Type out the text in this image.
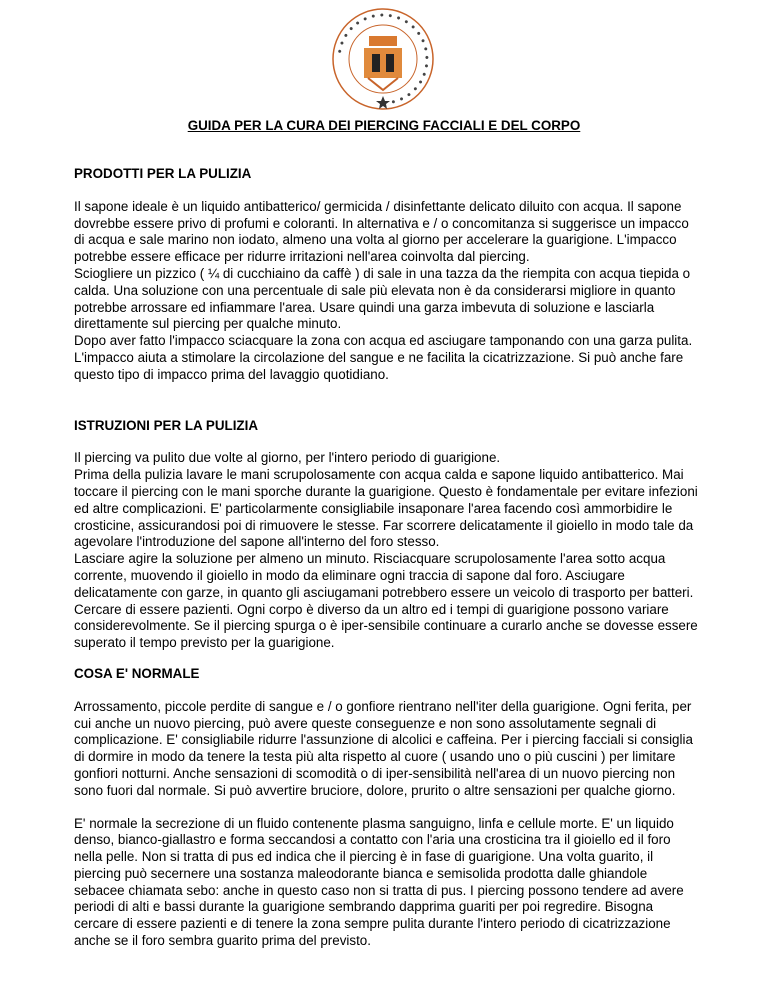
● ● ● ● ● ● ● ● ● ● ● ● ● ● ● ● ● ● ● ● ● ● ●
GUIDA PER LA CURA DEI PIERCING FACCIALI E DEL CORPO
PRODOTTI PER LA PULIZIA

Il sapone ideale è un liquido antibatterico/ germicida / disinfettante delicato diluito con acqua. Il sapone dovrebbe essere privo di profumi e coloranti. In alternativa e / o concomitanza si suggerisce un impacco di acqua e sale marino non iodato, almeno una volta al giorno per accelerare la guarigione. L'impacco potrebbe essere efficace per ridurre irritazioni nell'area coinvolta dal piercing.

Sciogliere un pizzico ( ¼ di cucchiaino da caffè ) di sale in una tazza da the riempita con acqua tiepida o calda. Una soluzione con una percentuale di sale più elevata non è da considerarsi migliore in quanto potrebbe arrossare ed infiammare l'area. Usare quindi una garza imbevuta di soluzione e lasciarla direttamente sul piercing per qualche minuto.

Dopo aver fatto l'impacco sciacquare la zona con acqua ed asciugare tamponando con una garza pulita. L'impacco aiuta a stimolare la circolazione del sangue e ne facilita la cicatrizzazione. Si può anche fare questo tipo di impacco prima del lavaggio quotidiano.

ISTRUZIONI PER LA PULIZIA

Il piercing va pulito due volte al giorno, per l'intero periodo di guarigione.

Prima della pulizia lavare le mani scrupolosamente con acqua calda e sapone liquido antibatterico. Mai toccare il piercing con le mani sporche durante la guarigione. Questo è fondamentale per evitare infezioni ed altre complicazioni. E' particolarmente consigliabile insaponare l'area facendo così ammorbidire le crosticine, assicurandosi poi di rimuovere le stesse. Far scorrere delicatamente il gioiello in modo tale da agevolare l'introduzione del sapone all'interno del foro stesso.

Lasciare agire la soluzione per almeno un minuto. Risciacquare scrupolosamente l'area sotto acqua corrente, muovendo il gioiello in modo da eliminare ogni traccia di sapone dal foro. Asciugare delicatamente con garze, in quanto gli asciugamani potrebbero essere un veicolo di trasporto per batteri. Cercare di essere pazienti. Ogni corpo è diverso da un altro ed i tempi di guarigione possono variare considerevolmente. Se il piercing spurga o è iper-sensibile continuare a curarlo anche se dovesse essere superato il tempo previsto per la guarigione.

COSA E' NORMALE

Arrossamento, piccole perdite di sangue e / o gonfiore rientrano nell'iter della guarigione. Ogni ferita, per cui anche un nuovo piercing, può avere queste conseguenze e non sono assolutamente segnali di complicazione. E' consigliabile ridurre l'assunzione di alcolici e caffeina. Per i piercing facciali si consiglia di dormire in modo da tenere la testa più alta rispetto al cuore ( usando uno o più cuscini ) per limitare gonfiori notturni. Anche sensazioni di scomodità o di iper-sensibilità nell'area di un nuovo piercing non sono fuori dal normale. Si può avvertire bruciore, dolore, prurito o altre sensazioni per qualche giorno.

E' normale la secrezione di un fluido contenente plasma sanguigno, linfa e cellule morte. E' un liquido denso, bianco-giallastro e forma seccandosi a contatto con l'aria una crosticina tra il gioiello ed il foro nella pelle. Non si tratta di pus ed indica che il piercing è in fase di guarigione. Una volta guarito, il piercing può secernere una sostanza maleodorante bianca e semisolida prodotta dalle ghiandole sebacee chiamata sebo: anche in questo caso non si tratta di pus. I piercing possono tendere ad avere periodi di alti e bassi durante la guarigione sembrando dapprima guariti per poi regredire. Bisogna cercare di essere pazienti e di tenere la zona sempre pulita durante l'intero periodo di cicatrizzazione anche se il foro sembra guarito prima del previsto.
